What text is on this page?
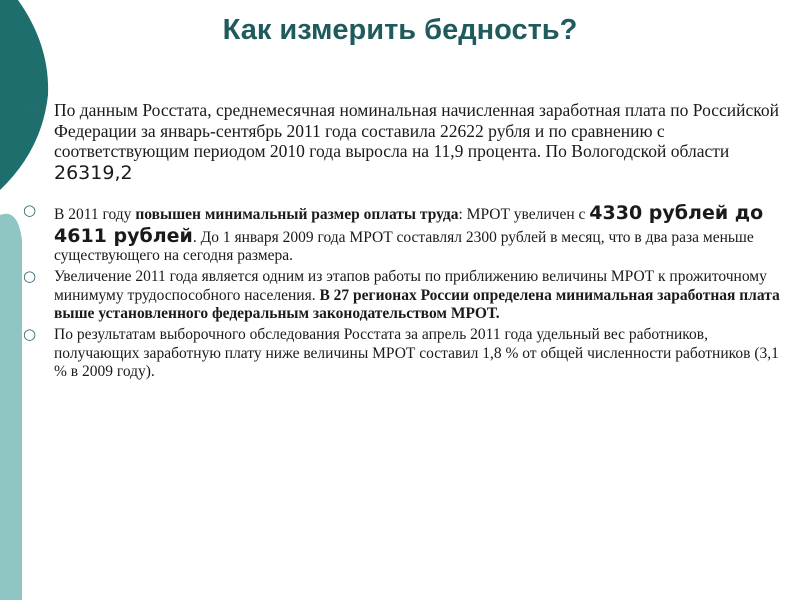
Как измерить бедность?
○ По данным Росстата, среднемесячная номинальная начисленная заработная плата по Российской Федерации за январь-сентябрь 2011 года составила 22622 рубля и по сравнению с соответствующим периодом 2010 года выросла на 11,9 процента. По Вологодской области 26319,2
○ В 2011 году повышен минимальный размер оплаты труда: МРОТ увеличен с 4330 рублей до 4611 рублей. До 1 января 2009 года МРОТ составлял 2300 рублей в месяц, что в два раза меньше существующего на сегодня размера.
○ Увеличение 2011 года является одним из этапов работы по приближению величины МРОТ к прожиточному минимуму трудоспособного населения. В 27 регионах России определена минимальная заработная плата выше установленного федеральным законодательством МРОТ.
○ По результатам выборочного обследования Росстата за апрель 2011 года удельный вес работников, получающих заработную плату ниже величины МРОТ составил 1,8 % от общей численности работников (3,1 % в 2009 году).
